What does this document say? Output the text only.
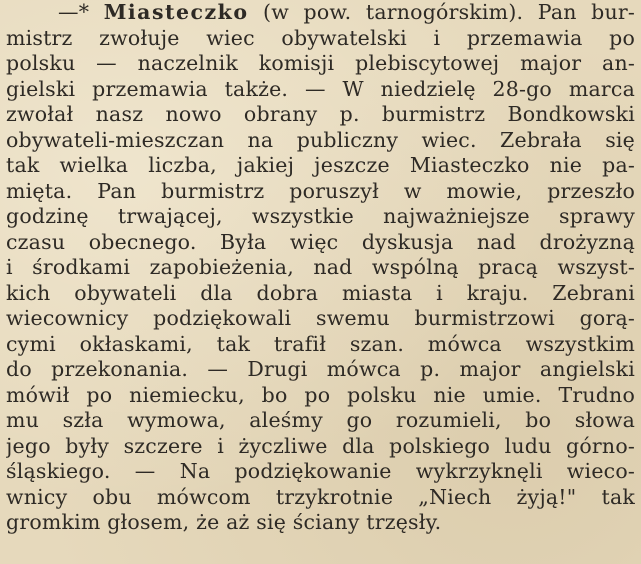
—* Miasteczko (w pow. tarnogórskim). Pan bur-
mistrz zwołuje wiec obywatelski i przemawia po
polsku — naczelnik komisji plebiscytowej major an-
gielski przemawia także. — W niedzielę 28-go marca
zwołał nasz nowo obrany p. burmistrz Bondkowski
obywateli-mieszczan na publiczny wiec. Zebrała się
tak wielka liczba, jakiej jeszcze Miasteczko nie pa-
mięta. Pan burmistrz poruszył w mowie, przeszło
godzinę trwającej, wszystkie najważniejsze sprawy
czasu obecnego. Była więc dyskusja nad drożyzną
i środkami zapobieżenia, nad wspólną pracą wszyst-
kich obywateli dla dobra miasta i kraju. Zebrani
wiecownicy podziękowali swemu burmistrzowi gorą-
cymi okłaskami, tak trafił szan. mówca wszystkim
do przekonania. — Drugi mówca p. major angielski
mówił po niemiecku, bo po polsku nie umie. Trudno
mu szła wymowa, aleśmy go rozumieli, bo słowa
jego były szczere i życzliwe dla polskiego ludu górno-
śląskiego. — Na podziękowanie wykrzyknęli wieco-
wnicy obu mówcom trzykrotnie „Niech żyją!" tak
gromkim głosem, że aż się ściany trzęsły.
